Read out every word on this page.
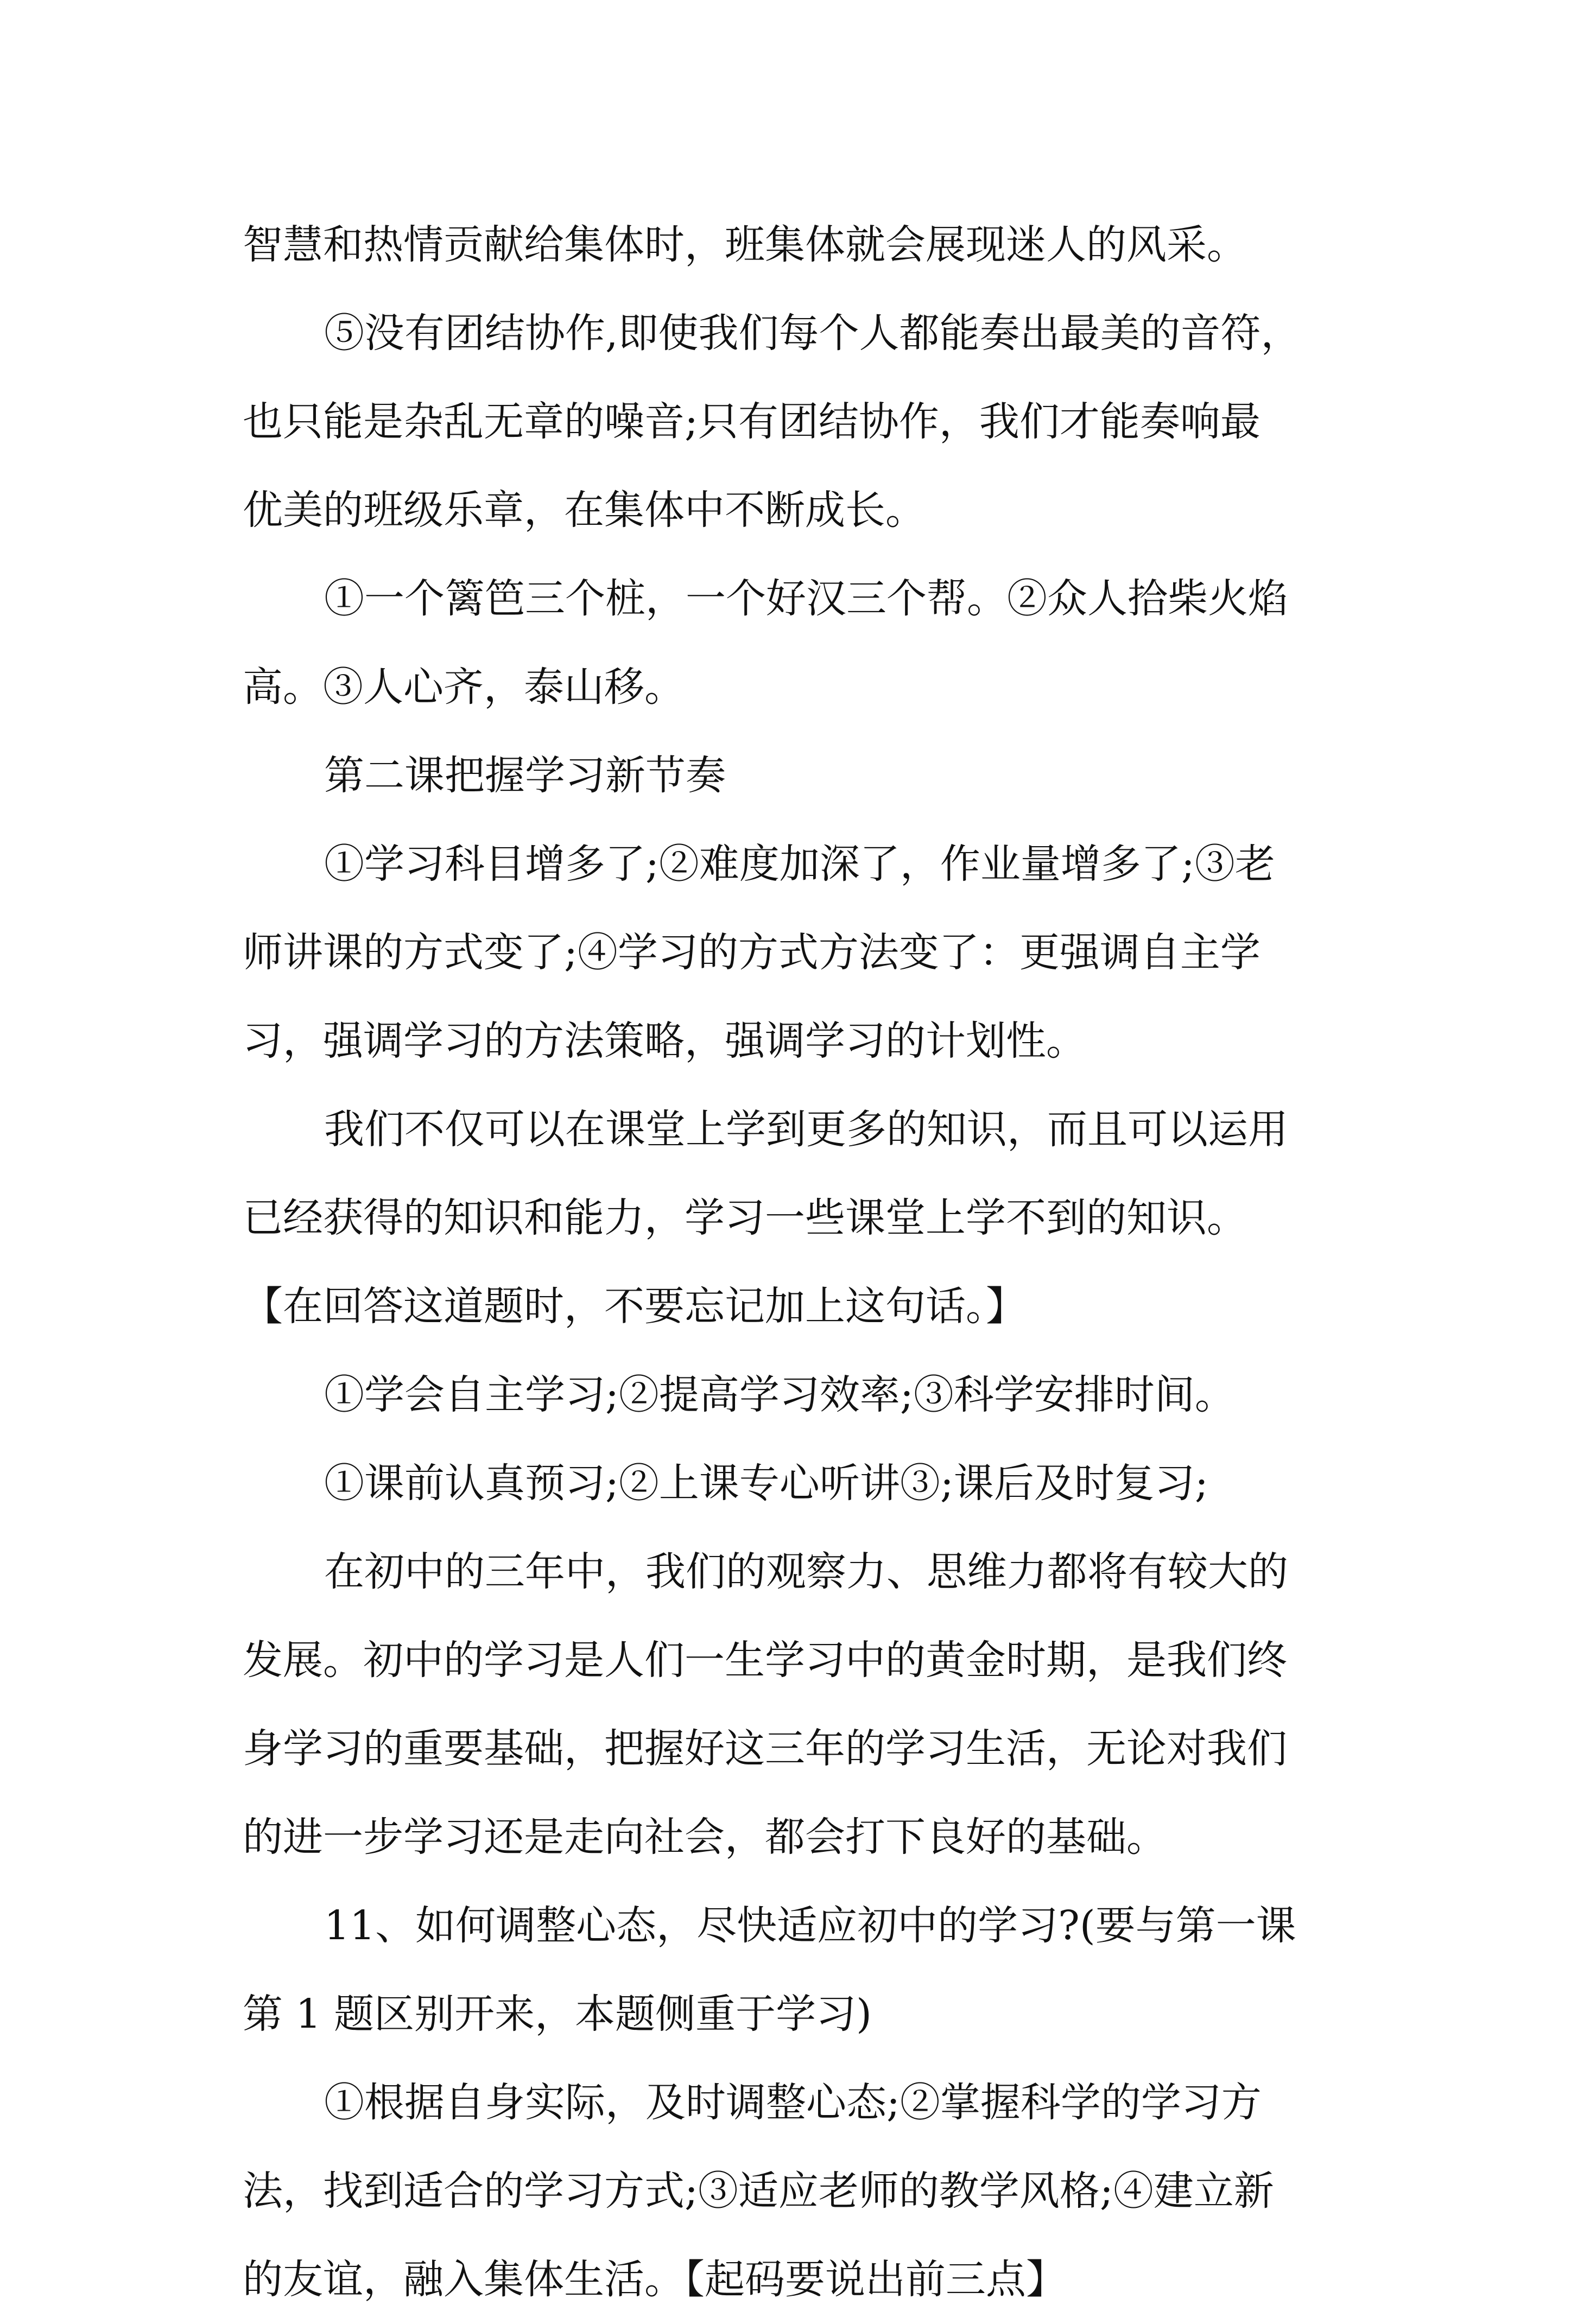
智慧和热情贡献给集体时，班集体就会展现迷人的风采。
⑤没有团结协作,即使我们每个人都能奏出最美的音符，
也只能是杂乱无章的噪音;只有团结协作，我们才能奏响最
优美的班级乐章，在集体中不断成长。
①一个篱笆三个桩，一个好汉三个帮。②众人拾柴火焰
高。③人心齐，泰山移。
第二课把握学习新节奏
①学习科目增多了;②难度加深了，作业量增多了;③老
师讲课的方式变了;④学习的方式方法变了：更强调自主学
习，强调学习的方法策略，强调学习的计划性。
我们不仅可以在课堂上学到更多的知识，而且可以运用
已经获得的知识和能力，学习一些课堂上学不到的知识。
【在回答这道题时，不要忘记加上这句话。】
①学会自主学习;②提高学习效率;③科学安排时间。
①课前认真预习;②上课专心听讲③;课后及时复习;
在初中的三年中，我们的观察力、思维力都将有较大的
发展。初中的学习是人们一生学习中的黄金时期，是我们终
身学习的重要基础，把握好这三年的学习生活，无论对我们
的进一步学习还是走向社会，都会打下良好的基础。
11、如何调整心态，尽快适应初中的学习?(要与第一课
第 1 题区别开来，本题侧重于学习)
①根据自身实际，及时调整心态;②掌握科学的学习方
法，找到适合的学习方式;③适应老师的教学风格;④建立新
的友谊，融入集体生活。【起码要说出前三点】
